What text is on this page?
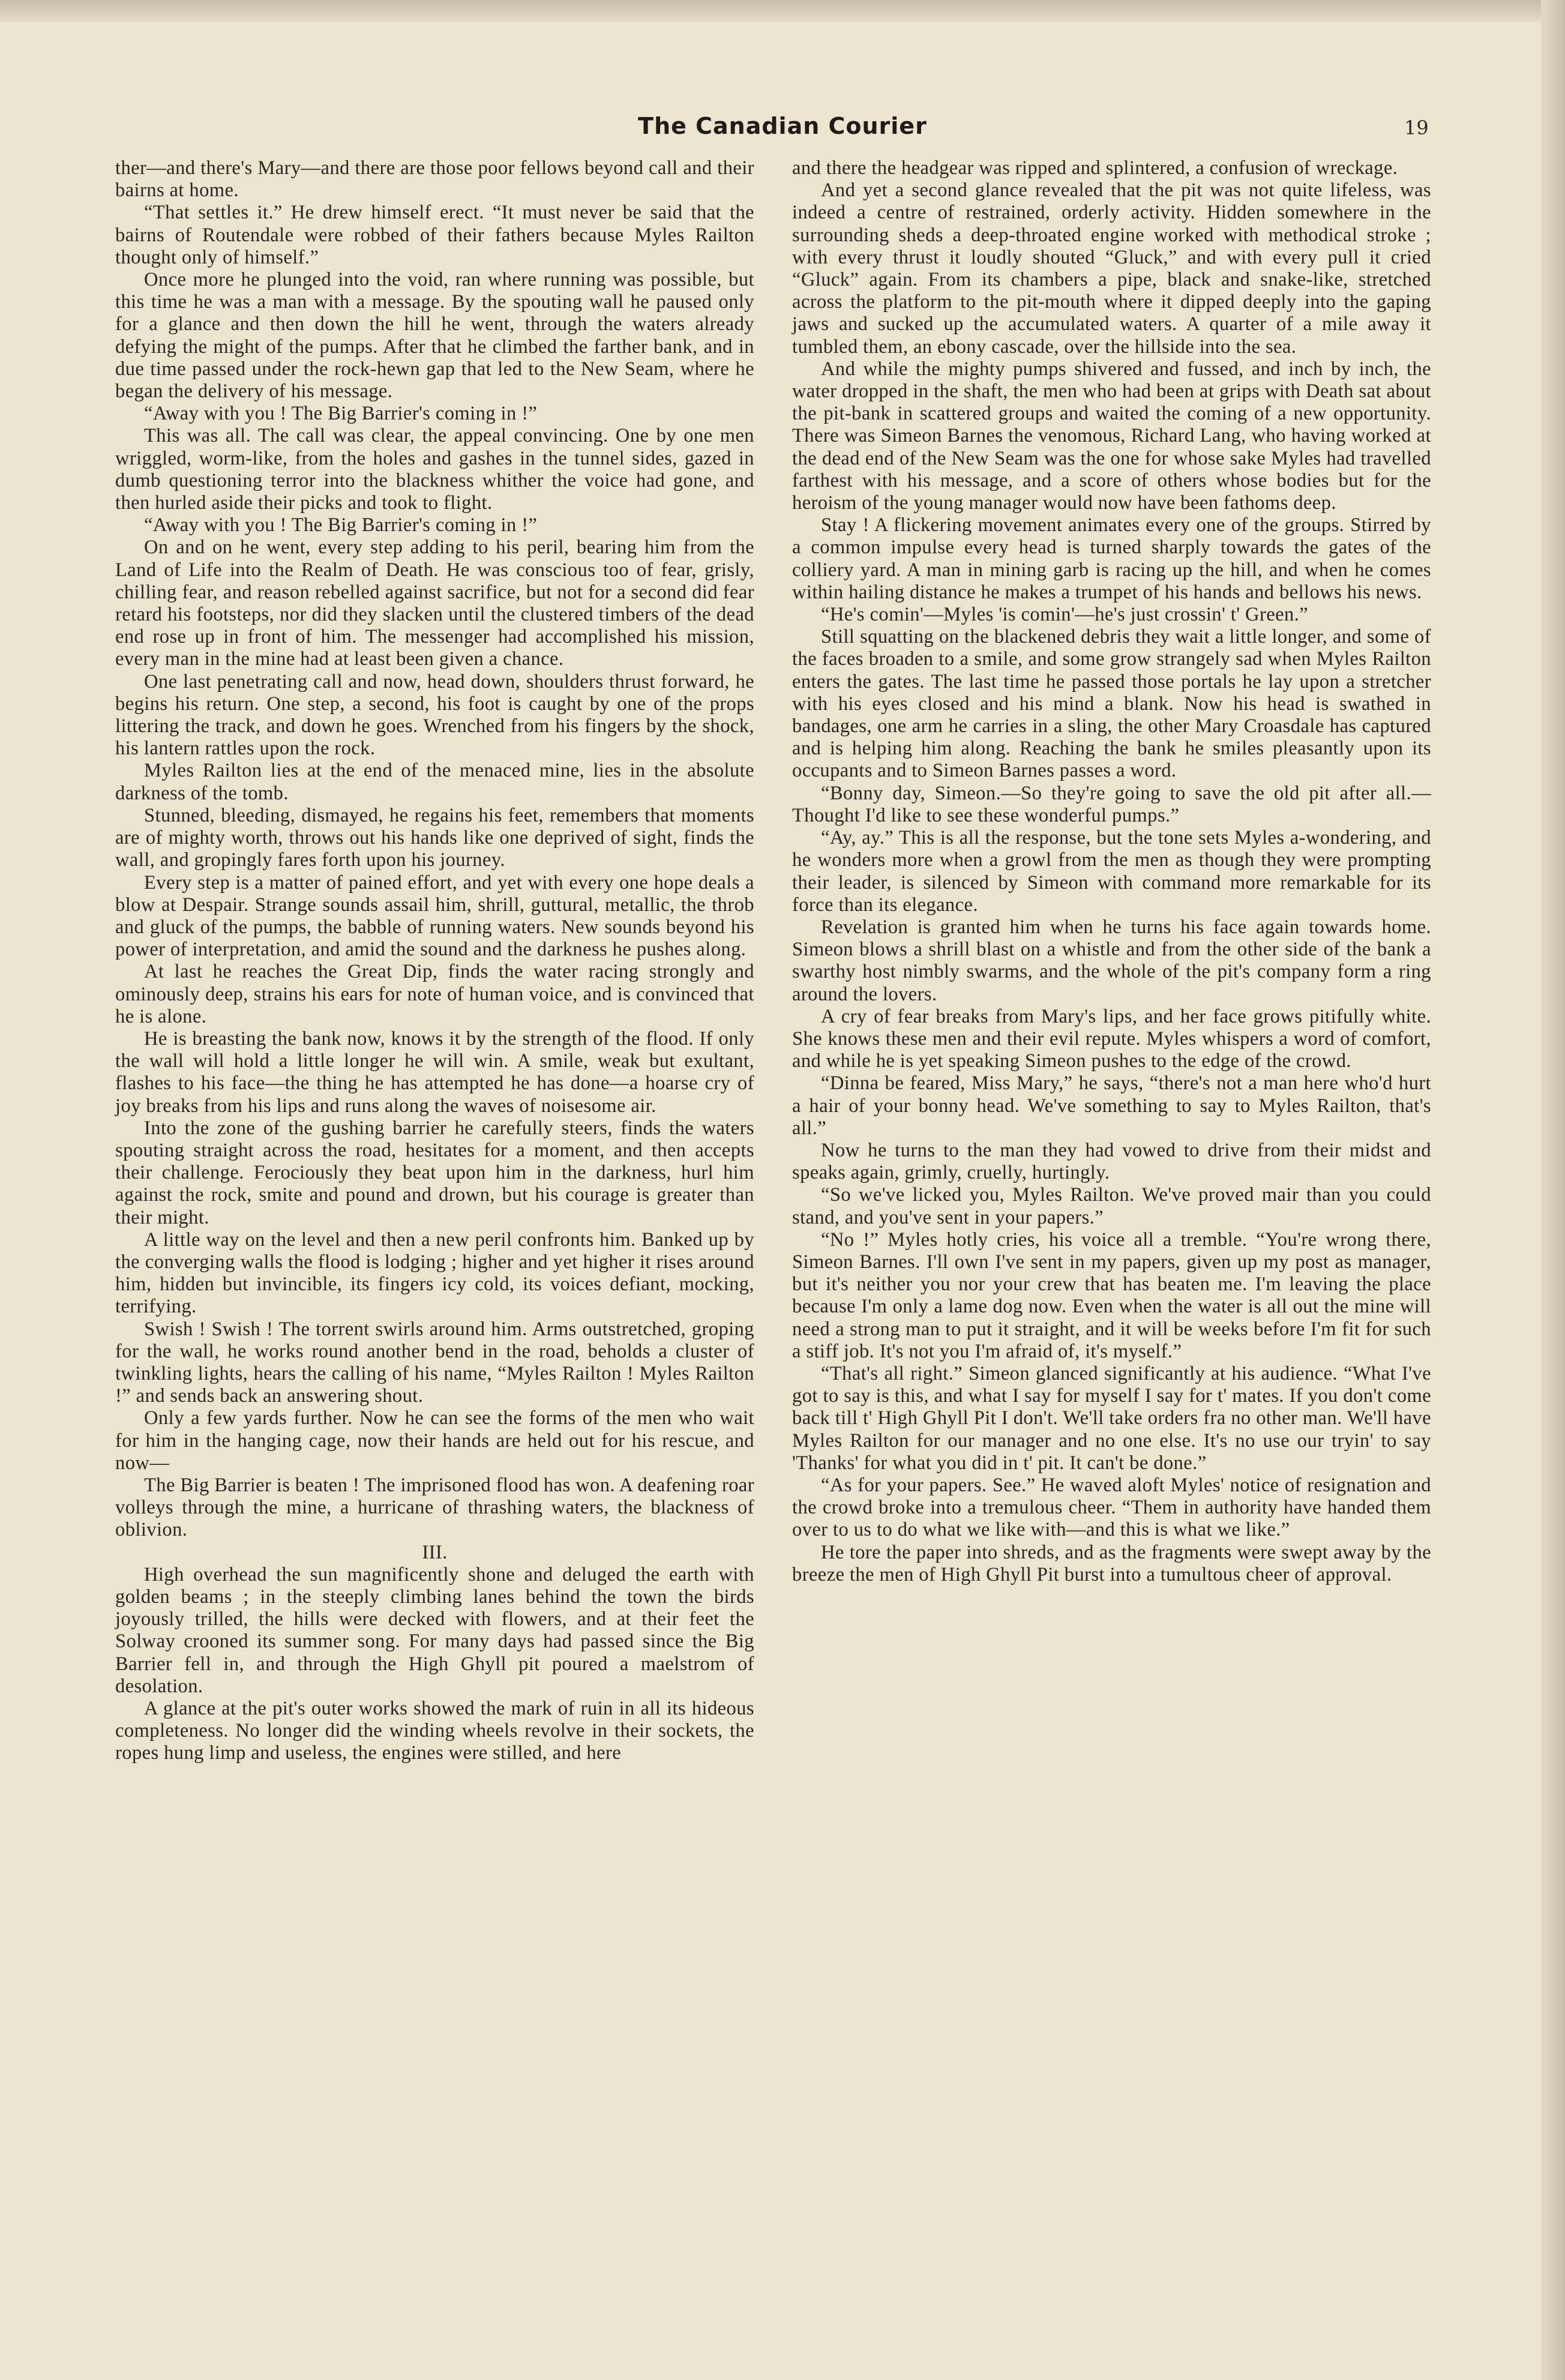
The Canadian Courier	19

ther—and there's Mary—and there are those poor fellows beyond call and their bairns at home.

“That settles it.” He drew himself erect. “It must never be said that the bairns of Routendale were robbed of their fathers because Myles Railton thought only of himself.”

Once more he plunged into the void, ran where running was possible, but this time he was a man with a message. By the spouting wall he paused only for a glance and then down the hill he went, through the waters already defying the might of the pumps. After that he climbed the farther bank, and in due time passed under the rock-hewn gap that led to the New Seam, where he began the delivery of his message.

“Away with you ! The Big Barrier's coming in !”

This was all. The call was clear, the appeal convincing. One by one men wriggled, worm-like, from the holes and gashes in the tunnel sides, gazed in dumb questioning terror into the blackness whither the voice had gone, and then hurled aside their picks and took to flight.

“Away with you ! The Big Barrier's coming in !”

On and on he went, every step adding to his peril, bearing him from the Land of Life into the Realm of Death. He was conscious too of fear, grisly, chilling fear, and reason rebelled against sacrifice, but not for a second did fear retard his footsteps, nor did they slacken until the clustered timbers of the dead end rose up in front of him. The messenger had accomplished his mission, every man in the mine had at least been given a chance.

One last penetrating call and now, head down, shoulders thrust forward, he begins his return. One step, a second, his foot is caught by one of the props littering the track, and down he goes. Wrenched from his fingers by the shock, his lantern rattles upon the rock.

Myles Railton lies at the end of the menaced mine, lies in the absolute darkness of the tomb.

Stunned, bleeding, dismayed, he regains his feet, remembers that moments are of mighty worth, throws out his hands like one deprived of sight, finds the wall, and gropingly fares forth upon his journey.

Every step is a matter of pained effort, and yet with every one hope deals a blow at Despair. Strange sounds assail him, shrill, guttural, metallic, the throb and gluck of the pumps, the babble of running waters. New sounds beyond his power of interpretation, and amid the sound and the darkness he pushes along.

At last he reaches the Great Dip, finds the water racing strongly and ominously deep, strains his ears for note of human voice, and is convinced that he is alone.

He is breasting the bank now, knows it by the strength of the flood. If only the wall will hold a little longer he will win. A smile, weak but exultant, flashes to his face—the thing he has attempted he has done—a hoarse cry of joy breaks from his lips and runs along the waves of noisesome air.

Into the zone of the gushing barrier he carefully steers, finds the waters spouting straight across the road, hesitates for a moment, and then accepts their challenge. Ferociously they beat upon him in the darkness, hurl him against the rock, smite and pound and drown, but his courage is greater than their might.

A little way on the level and then a new peril confronts him. Banked up by the converging walls the flood is lodging ; higher and yet higher it rises around him, hidden but invincible, its fingers icy cold, its voices defiant, mocking, terrifying.

Swish ! Swish ! The torrent swirls around him. Arms outstretched, groping for the wall, he works round another bend in the road, beholds a cluster of twinkling lights, hears the calling of his name, “Myles Railton ! Myles Railton !” and sends back an answering shout.

Only a few yards further. Now he can see the forms of the men who wait for him in the hanging cage, now their hands are held out for his rescue, and now—

The Big Barrier is beaten ! The imprisoned flood has won. A deafening roar volleys through the mine, a hurricane of thrashing waters, the blackness of oblivion.

III.

High overhead the sun magnificently shone and deluged the earth with golden beams ; in the steeply climbing lanes behind the town the birds joyously trilled, the hills were decked with flowers, and at their feet the Solway crooned its summer song. For many days had passed since the Big Barrier fell in, and through the High Ghyll pit poured a maelstrom of desolation.

A glance at the pit's outer works showed the mark of ruin in all its hideous completeness. No longer did the winding wheels revolve in their sockets, the ropes hung limp and useless, the engines were stilled, and here

and there the headgear was ripped and splintered, a confusion of wreckage.

And yet a second glance revealed that the pit was not quite lifeless, was indeed a centre of restrained, orderly activity. Hidden somewhere in the surrounding sheds a deep-throated engine worked with methodical stroke ; with every thrust it loudly shouted “Gluck,” and with every pull it cried “Gluck” again. From its chambers a pipe, black and snake-like, stretched across the platform to the pit-mouth where it dipped deeply into the gaping jaws and sucked up the accumulated waters. A quarter of a mile away it tumbled them, an ebony cascade, over the hillside into the sea.

And while the mighty pumps shivered and fussed, and inch by inch, the water dropped in the shaft, the men who had been at grips with Death sat about the pit-bank in scattered groups and waited the coming of a new opportunity. There was Simeon Barnes the venomous, Richard Lang, who having worked at the dead end of the New Seam was the one for whose sake Myles had travelled farthest with his message, and a score of others whose bodies but for the heroism of the young manager would now have been fathoms deep.

Stay ! A flickering movement animates every one of the groups. Stirred by a common impulse every head is turned sharply towards the gates of the colliery yard. A man in mining garb is racing up the hill, and when he comes within hailing distance he makes a trumpet of his hands and bellows his news.

“He's comin'—Myles 'is comin'—he's just crossin' t' Green.”

Still squatting on the blackened debris they wait a little longer, and some of the faces broaden to a smile, and some grow strangely sad when Myles Railton enters the gates. The last time he passed those portals he lay upon a stretcher with his eyes closed and his mind a blank. Now his head is swathed in bandages, one arm he carries in a sling, the other Mary Croasdale has captured and is helping him along. Reaching the bank he smiles pleasantly upon its occupants and to Simeon Barnes passes a word.

“Bonny day, Simeon.—So they're going to save the old pit after all.—Thought I'd like to see these wonderful pumps.”

“Ay, ay.” This is all the response, but the tone sets Myles a-wondering, and he wonders more when a growl from the men as though they were prompting their leader, is silenced by Simeon with command more remarkable for its force than its elegance.

Revelation is granted him when he turns his face again towards home. Simeon blows a shrill blast on a whistle and from the other side of the bank a swarthy host nimbly swarms, and the whole of the pit's company form a ring around the lovers.

A cry of fear breaks from Mary's lips, and her face grows pitifully white. She knows these men and their evil repute. Myles whispers a word of comfort, and while he is yet speaking Simeon pushes to the edge of the crowd.

“Dinna be feared, Miss Mary,” he says, “there's not a man here who'd hurt a hair of your bonny head. We've something to say to Myles Railton, that's all.”

Now he turns to the man they had vowed to drive from their midst and speaks again, grimly, cruelly, hurtingly.

“So we've licked you, Myles Railton. We've proved mair than you could stand, and you've sent in your papers.”

“No !” Myles hotly cries, his voice all a tremble. “You're wrong there, Simeon Barnes. I'll own I've sent in my papers, given up my post as manager, but it's neither you nor your crew that has beaten me. I'm leaving the place because I'm only a lame dog now. Even when the water is all out the mine will need a strong man to put it straight, and it will be weeks before I'm fit for such a stiff job. It's not you I'm afraid of, it's myself.”

“That's all right.” Simeon glanced significantly at his audience. “What I've got to say is this, and what I say for myself I say for t' mates. If you don't come back till t' High Ghyll Pit I don't. We'll take orders fra no other man. We'll have Myles Railton for our manager and no one else. It's no use our tryin' to say 'Thanks' for what you did in t' pit. It can't be done.”

“As for your papers. See.” He waved aloft Myles' notice of resignation and the crowd broke into a tremulous cheer. “Them in authority have handed them over to us to do what we like with—and this is what we like.”

He tore the paper into shreds, and as the fragments were swept away by the breeze the men of High Ghyll Pit burst into a tumultous cheer of approval.
